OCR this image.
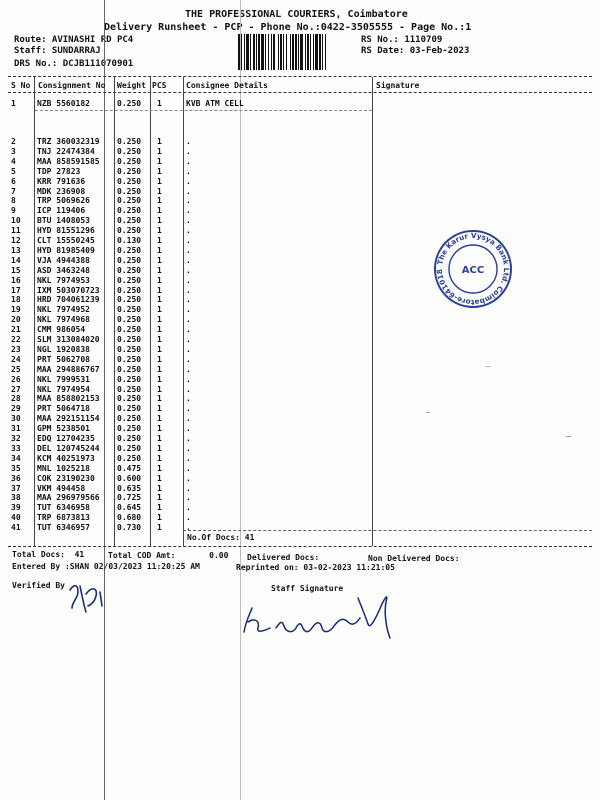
THE PROFESSIONAL COURIERS, Coimbatore
Delivery Runsheet - PCP - Phone No.:0422-3505555 - Page No.:1
Route: AVINASHI RD PC4
Staff: SUNDARRAJ
DRS No.: DCJB111070901
RS No.: 1110709
RS Date: 03-Feb-2023
S No Consignment No Weight PCS Consignee Details	Signature
1	NZB 5560182	0.250 1	KVB ATM CELL
2	TRZ 360032319 0.250 1	.
3	TNJ 22474384	0.250 1	.
4	MAA 858591585 0.250 1	.
5	TDP 27823	0.250 1	.
6	KRR 791636	0.250 1	.
7	MDK 236908	0.250 1	.
8	TRP 5069626	0.250 1	.
9	ICP 119406	0.250 1	.
10 BTU 1408053	0.250 1	.
11 HYD 81551296	0.250 1	.
12 CLT 15550245	0.130 1	.
13 HYD 81985409	0.250 1	.
14 VJA 4944388	0.250 1	.
15 ASD 3463248	0.250 1	.
16 NKL 7974953	0.250 1	.
17 IXM 503070723 0.250 1	.
18 HRD 704061239 0.250 1	.
19 NKL 7974952	0.250 1	.
20 NKL 7974968	0.250 1	.
21 CMM 986054	0.250 1	.
22 SLM 313084020 0.250 1	.
23 NGL 1920838	0.250 1	.
24 PRT 5062708	0.250 1	.
25 MAA 294886767 0.250 1	.
26 NKL 7999531	0.250 1	.
27 NKL 7974954	0.250 1	.
28 MAA 858802153 0.250 1	.
29 PRT 5064718	0.250 1	.
30 MAA 292151154 0.250 1	.
31 GPM 5238501	0.250 1	.
32 EDQ 12704235	0.250 1	.
33 DEL 120745244 0.250 1	.
34 KCM 40251973	0.250 1	.
35 MNL 1025218	0.475 1	.
36 COK 23190230	0.600 1	.
37 VKM 494458	0.635 1	.
38 MAA 296979566 0.725 1	.
39 TUT 6346958	0.645 1	.
40 TRP 6873813	0.680 1	.
41 TUT 6346957	0.730 1	.
No.Of Docs: 41
Total Docs:  41	Total COD Amt:       0.00 Delivered Docs:	Non Delivered Docs:
Entered By :SHAN 02/03/2023 11:20:25 AM	Reprinted on: 03-02-2023 11:21:05
Verified By	Staff Signature
The Karur Vysya Bank Ltd. Coimbatore-641018	ACC
